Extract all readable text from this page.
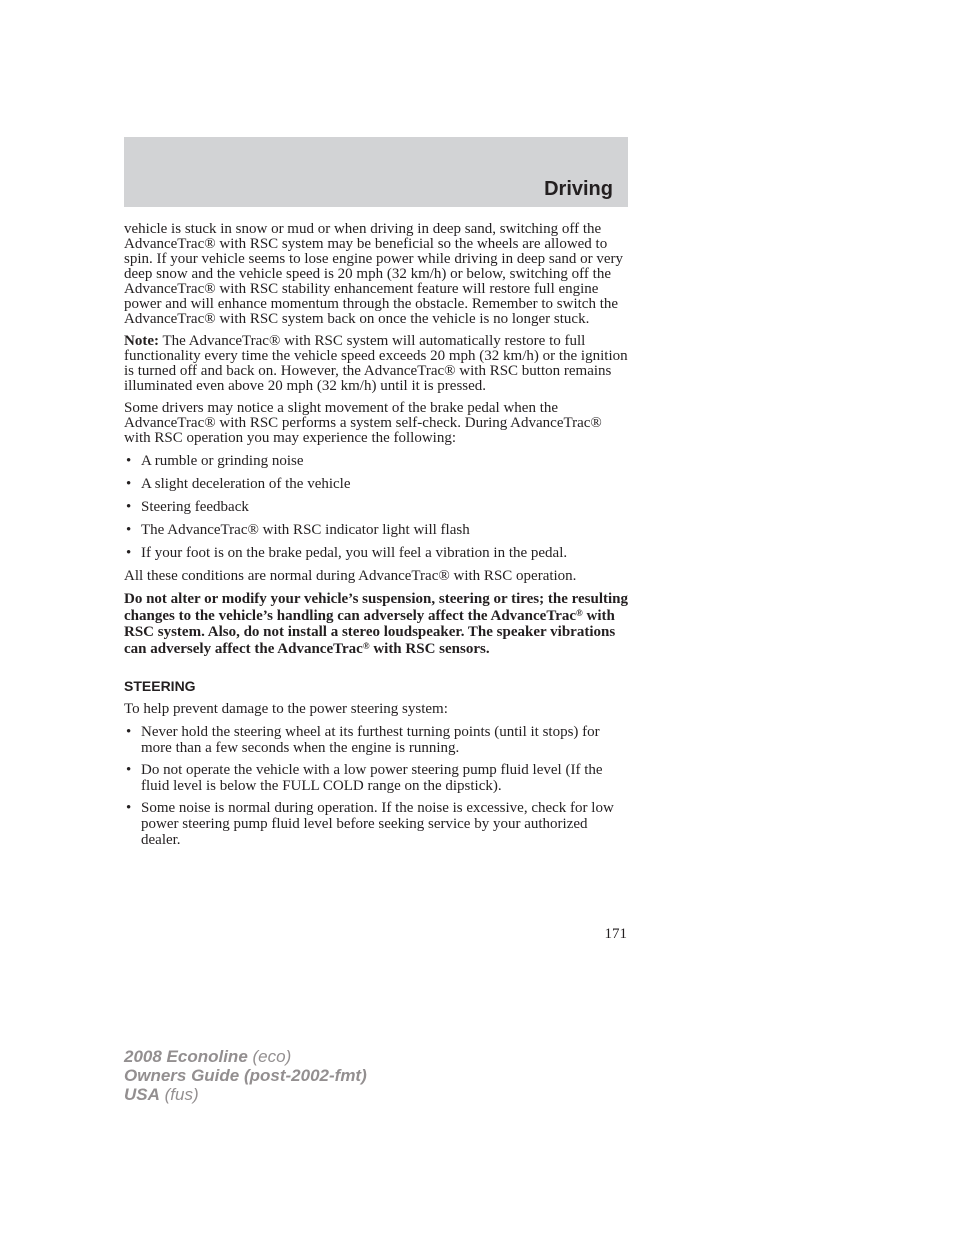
Driving

vehicle is stuck in snow or mud or when driving in deep sand, switching off the AdvanceTrac® with RSC system may be beneficial so the wheels are allowed to spin. If your vehicle seems to lose engine power while driving in deep sand or very deep snow and the vehicle speed is 20 mph (32 km/h) or below, switching off the AdvanceTrac® with RSC stability enhancement feature will restore full engine power and will enhance momentum through the obstacle. Remember to switch the AdvanceTrac® with RSC system back on once the vehicle is no longer stuck.

Note: The AdvanceTrac® with RSC system will automatically restore to full functionality every time the vehicle speed exceeds 20 mph (32 km/h) or the ignition is turned off and back on. However, the AdvanceTrac® with RSC button remains illuminated even above 20 mph (32 km/h) until it is pressed.

Some drivers may notice a slight movement of the brake pedal when the AdvanceTrac® with RSC performs a system self-check. During AdvanceTrac® with RSC operation you may experience the following:

• A rumble or grinding noise
• A slight deceleration of the vehicle
• Steering feedback
• The AdvanceTrac® with RSC indicator light will flash
• If your foot is on the brake pedal, you will feel a vibration in the pedal.

All these conditions are normal during AdvanceTrac® with RSC operation.

Do not alter or modify your vehicle’s suspension, steering or tires; the resulting changes to the vehicle’s handling can adversely affect the AdvanceTrac® with RSC system. Also, do not install a stereo loudspeaker. The speaker vibrations can adversely affect the AdvanceTrac® with RSC sensors.

STEERING

To help prevent damage to the power steering system:

• Never hold the steering wheel at its furthest turning points (until it stops) for more than a few seconds when the engine is running.
• Do not operate the vehicle with a low power steering pump fluid level (If the fluid level is below the FULL COLD range on the dipstick).
• Some noise is normal during operation. If the noise is excessive, check for low power steering pump fluid level before seeking service by your authorized dealer.
171
2008 Econoline (eco)
Owners Guide (post-2002-fmt)
USA (fus)
